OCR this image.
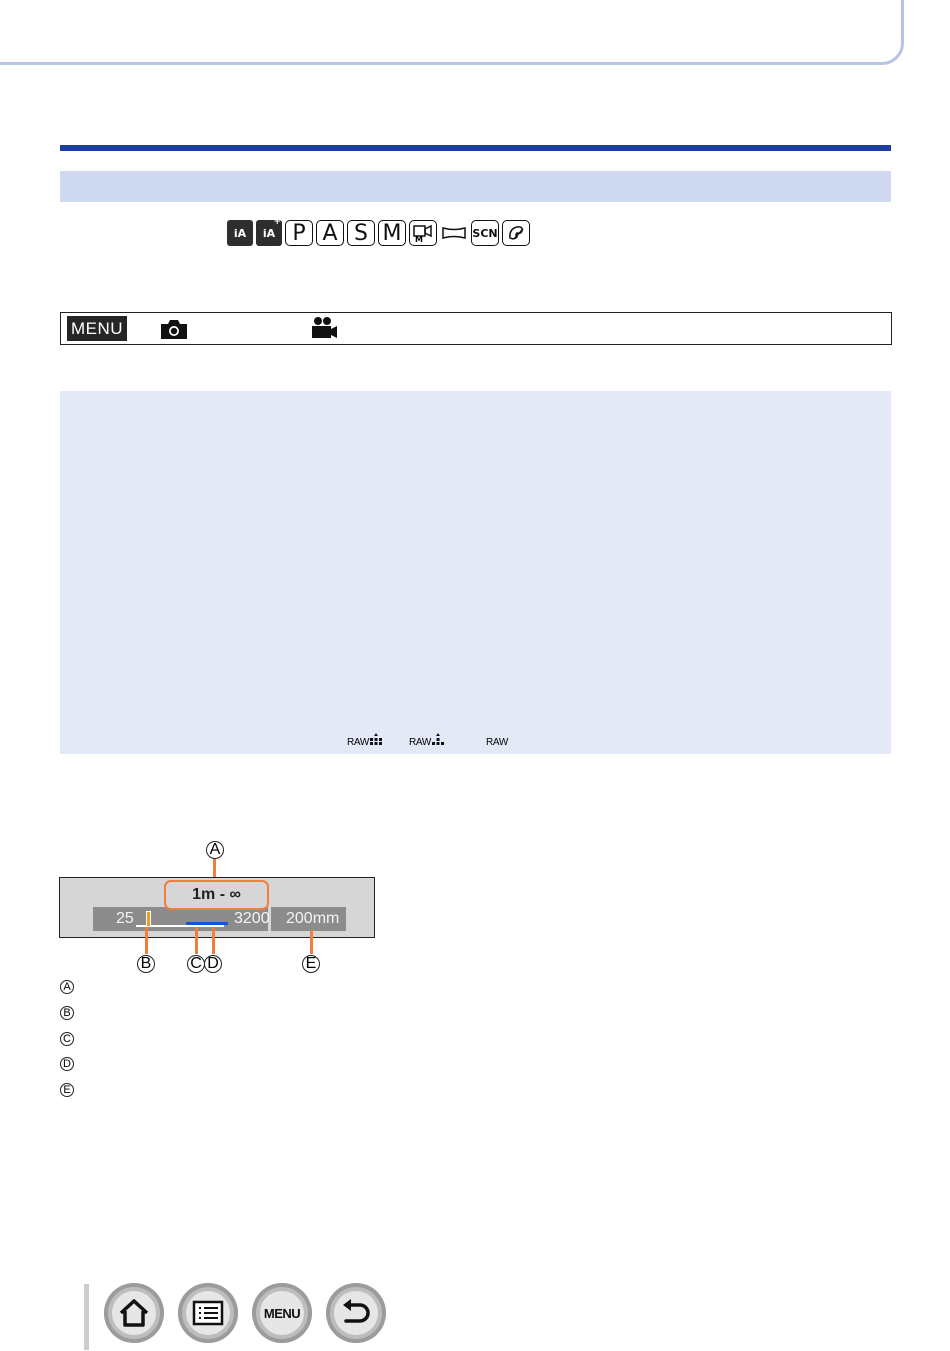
iA	iA
+ P A S M	M	SCN
MENU
RAW	RAW	RAW
A
1m - ∞
25	3200 200mm
B C D	E
A
B
C
D
E
MENU
